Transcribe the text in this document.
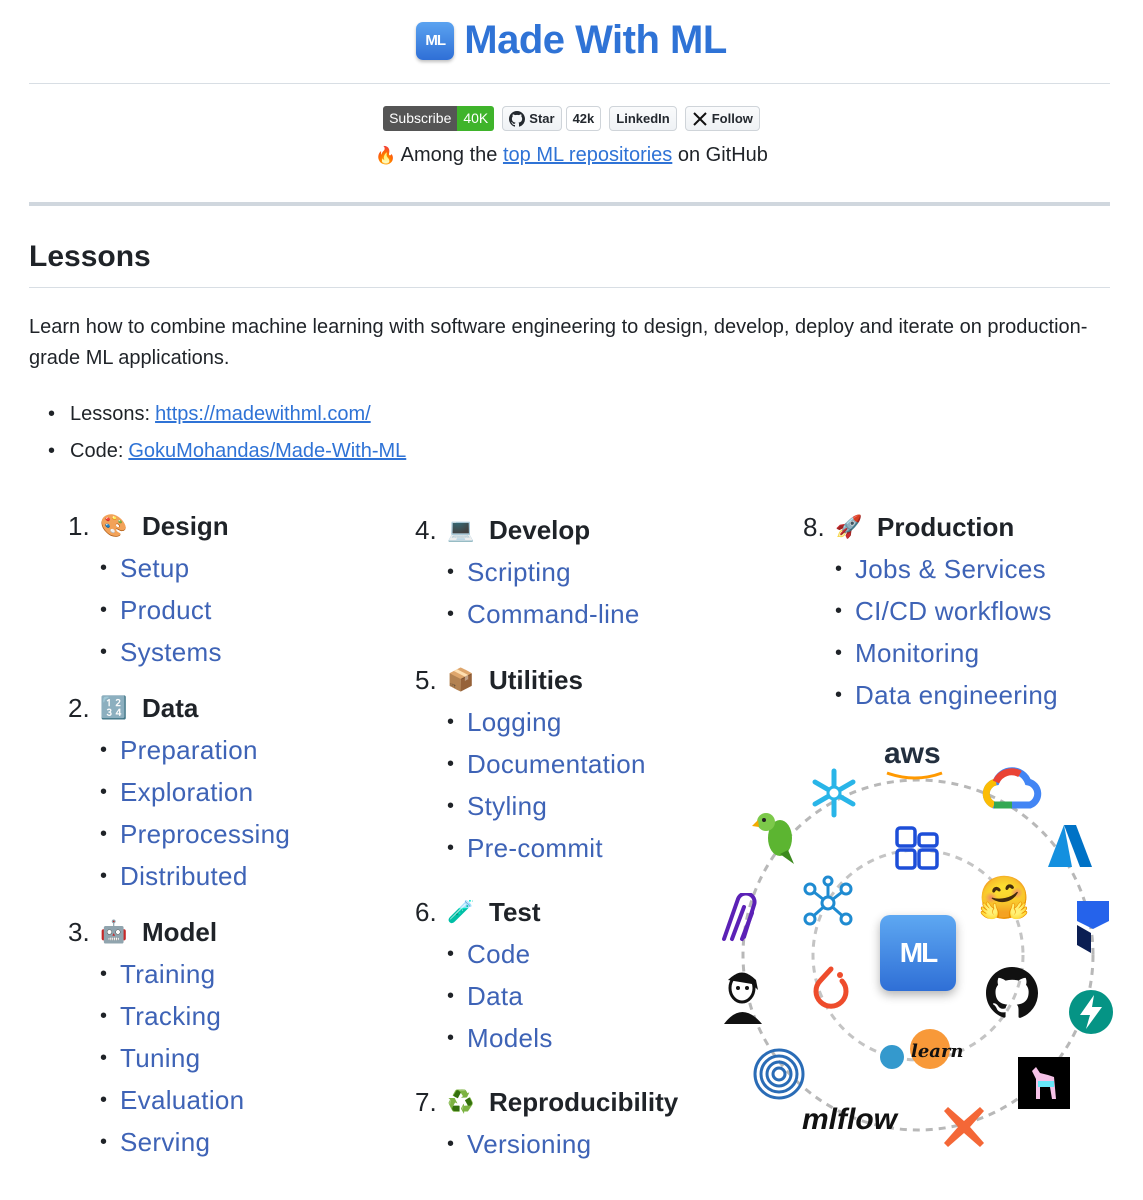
ML Made With ML
Subscribe 40K	Star	42k	LinkedIn	Follow
🔥 Among the top ML repositories on GitHub
Lessons

Learn how to combine machine learning with software engineering to design, develop, deploy and iterate on production-grade ML applications.

• Lessons: https://madewithml.com/
• Code: GokuMohandas/Made-With-ML
1. 🎨 Design
• Setup
• Product
• Systems
2. 🔢 Data
• Preparation
• Exploration
• Preprocessing
• Distributed
3. 🤖 Model
• Training
• Tracking
• Tuning
• Evaluation
• Serving
4. 💻 Develop
• Scripting
• Command-line
5. 📦 Utilities
• Logging
• Documentation
• Styling
• Pre-commit
6. 🧪 Test
• Code
• Data
• Models
7. ♻️ Reproducibility
• Versioning
8. 🚀 Production
• Jobs & Services
• CI/CD workflows
• Monitoring
• Data engineering
ML
aws
🤗
learn
mlflow
